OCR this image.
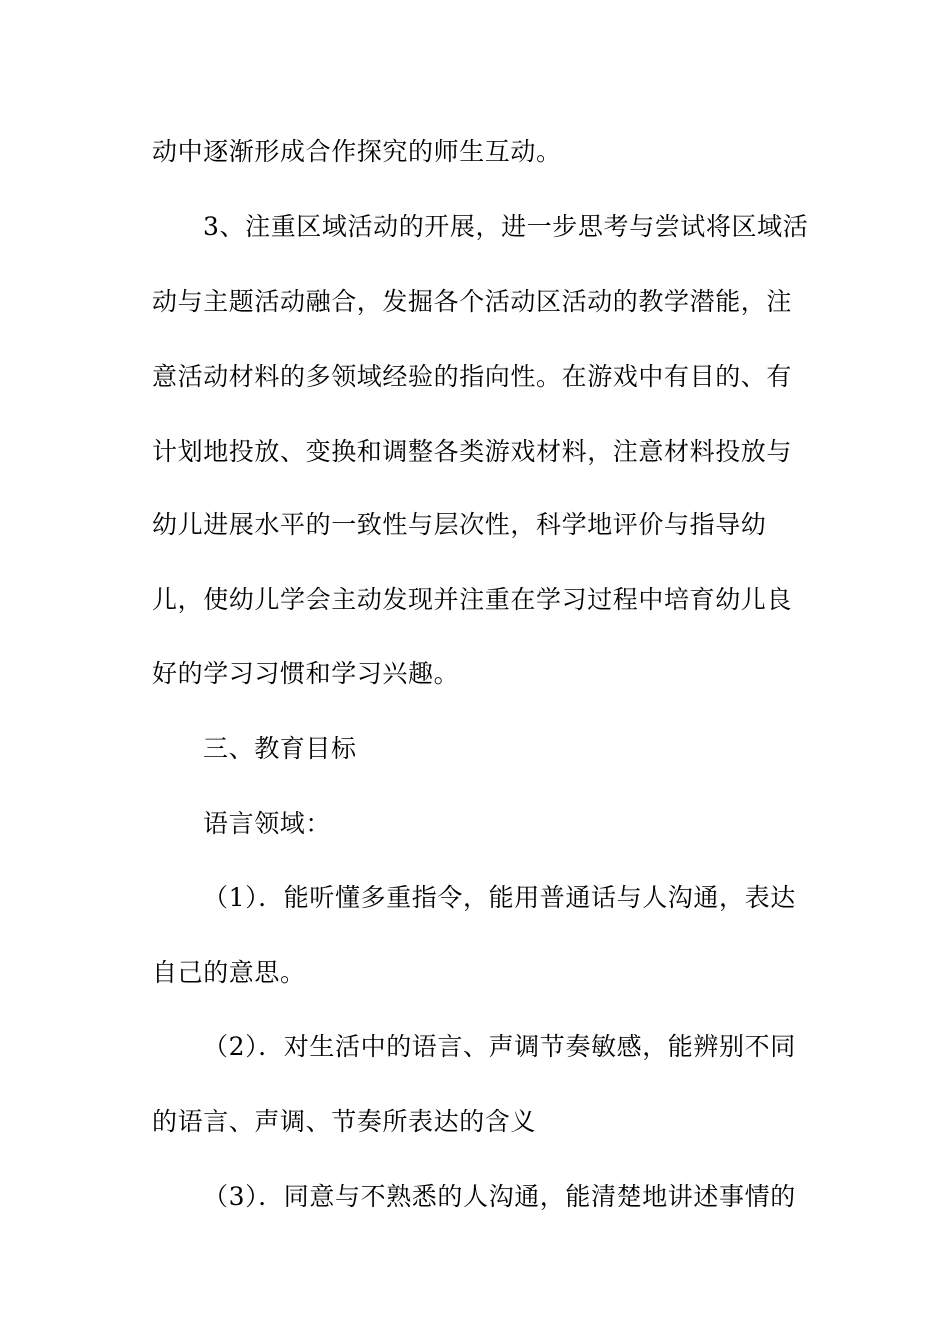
动中逐渐形成合作探究的师生互动。
3、注重区域活动的开展，进一步思考与尝试将区域活
动与主题活动融合，发掘各个活动区活动的教学潜能，注
意活动材料的多领域经验的指向性。在游戏中有目的、有
计划地投放、变换和调整各类游戏材料，注意材料投放与
幼儿进展水平的一致性与层次性，科学地评价与指导幼
儿，使幼儿学会主动发现并注重在学习过程中培育幼儿良
好的学习习惯和学习兴趣。
三、教育目标
语言领域：
（1）．能听懂多重指令，能用普通话与人沟通，表达
自己的意思。
（2）．对生活中的语言、声调节奏敏感，能辨别不同
的语言、声调、节奏所表达的含义
（3）．同意与不熟悉的人沟通，能清楚地讲述事情的
